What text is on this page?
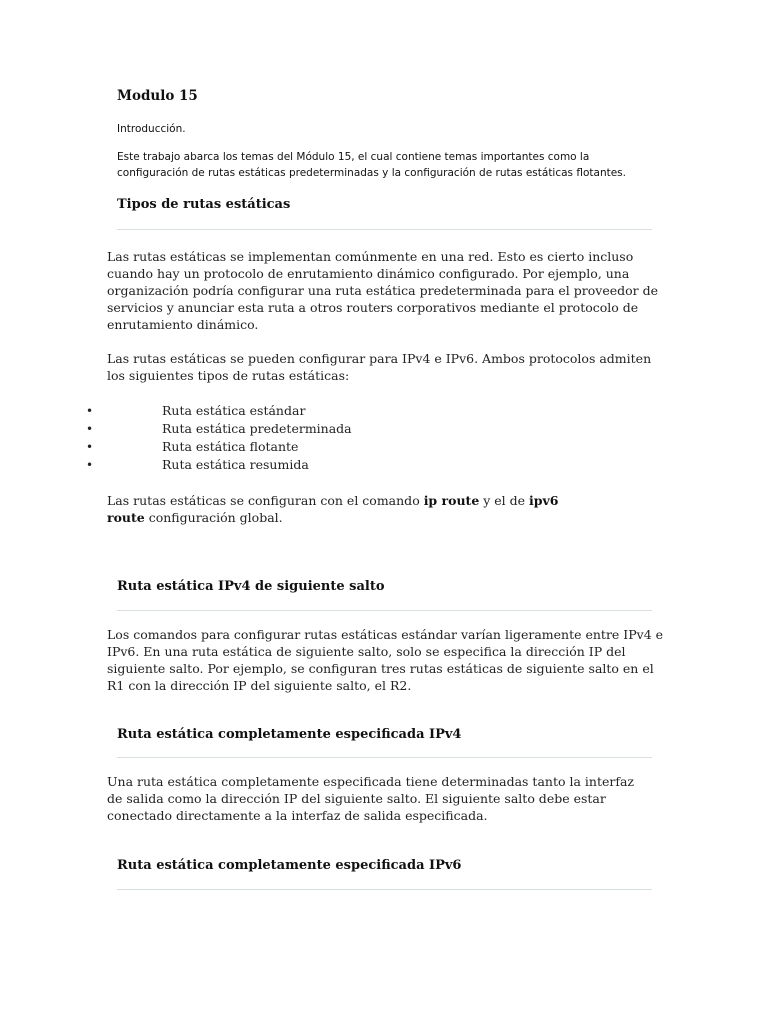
Modulo 15
Introducción.
Este trabajo abarca los temas del Módulo 15, el cual contiene temas importantes como la configuración de rutas estáticas predeterminadas y la configuración de rutas estáticas flotantes.
Tipos de rutas estáticas
Las rutas estáticas se implementan comúnmente en una red. Esto es cierto incluso cuando hay un protocolo de enrutamiento dinámico configurado. Por ejemplo, una organización podría configurar una ruta estática predeterminada para el proveedor de servicios y anunciar esta ruta a otros routers corporativos mediante el protocolo de enrutamiento dinámico.
Las rutas estáticas se pueden configurar para IPv4 e IPv6. Ambos protocolos admiten los siguientes tipos de rutas estáticas:
•	Ruta estática estándar
•	Ruta estática predeterminada
•	Ruta estática flotante
•	Ruta estática resumida
Las rutas estáticas se configuran con el comando ip route y el de ipv6 route configuración global.
Ruta estática IPv4 de siguiente salto
Los comandos para configurar rutas estáticas estándar varían ligeramente entre IPv4 e IPv6. En una ruta estática de siguiente salto, solo se especifica la dirección IP del siguiente salto. Por ejemplo, se configuran tres rutas estáticas de siguiente salto en el R1 con la dirección IP del siguiente salto, el R2.
Ruta estática completamente especificada IPv4
Una ruta estática completamente especificada tiene determinadas tanto la interfaz de salida como la dirección IP del siguiente salto. El siguiente salto debe estar conectado directamente a la interfaz de salida especificada.
Ruta estática completamente especificada IPv6
